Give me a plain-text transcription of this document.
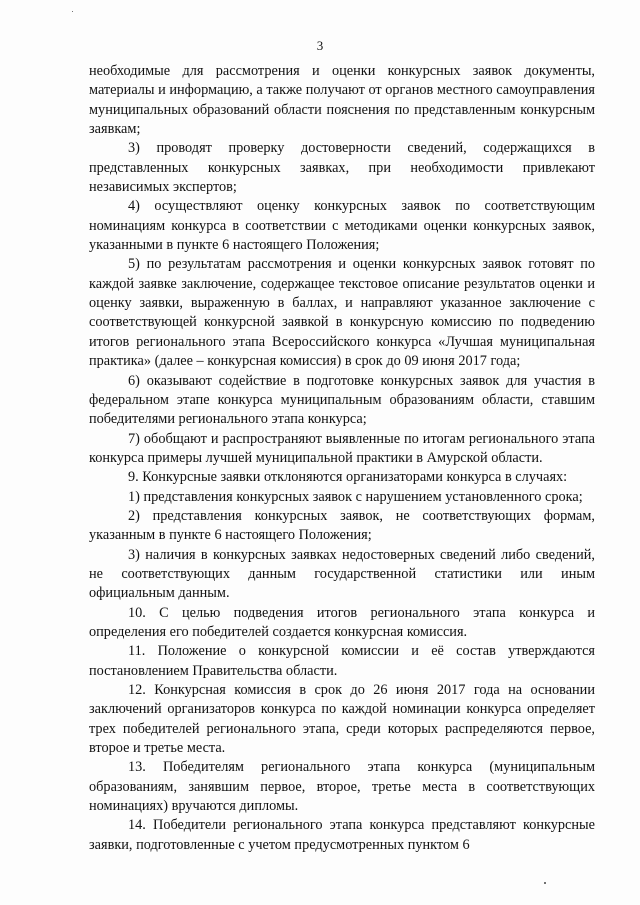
3

необходимые для рассмотрения и оценки конкурсных заявок документы, материалы и информацию, а также получают от органов местного самоуправления муниципальных образований области пояснения по представленным конкурсным заявкам;

3) проводят проверку достоверности сведений, содержащихся в представленных конкурсных заявках, при необходимости привлекают независимых экспертов;

4) осуществляют оценку конкурсных заявок по соответствующим номинациям конкурса в соответствии с методиками оценки конкурсных заявок, указанными в пункте 6 настоящего Положения;

5) по результатам рассмотрения и оценки конкурсных заявок готовят по каждой заявке заключение, содержащее текстовое описание результатов оценки и оценку заявки, выраженную в баллах, и направляют указанное заключение с соответствующей конкурсной заявкой в конкурсную комиссию по подведению итогов регионального этапа Всероссийского конкурса «Лучшая муниципальная практика» (далее – конкурсная комиссия) в срок до 09 июня 2017 года;

6) оказывают содействие в подготовке конкурсных заявок для участия в федеральном этапе конкурса муниципальным образованиям области, ставшим победителями регионального этапа конкурса;

7) обобщают и распространяют выявленные по итогам регионального этапа конкурса примеры лучшей муниципальной практики в Амурской области.

9. Конкурсные заявки отклоняются организаторами конкурса в случаях:

1) представления конкурсных заявок с нарушением установленного срока;

2) представления конкурсных заявок, не соответствующих формам, указанным в пункте 6 настоящего Положения;

3) наличия в конкурсных заявках недостоверных сведений либо сведений, не соответствующих данным государственной статистики или иным официальным данным.

10. С целью подведения итогов регионального этапа конкурса и определения его победителей создается конкурсная комиссия.

11. Положение о конкурсной комиссии и её состав утверждаются постановлением Правительства области.

12. Конкурсная комиссия в срок до 26 июня 2017 года на основании заключений организаторов конкурса по каждой номинации конкурса определяет трех победителей регионального этапа, среди которых распределяются первое, второе и третье места.

13. Победителям регионального этапа конкурса (муниципальным образованиям, занявшим первое, второе, третье места в соответствующих номинациях) вручаются дипломы.

14. Победители регионального этапа конкурса представляют конкурсные заявки, подготовленные с учетом предусмотренных пунктом 6
